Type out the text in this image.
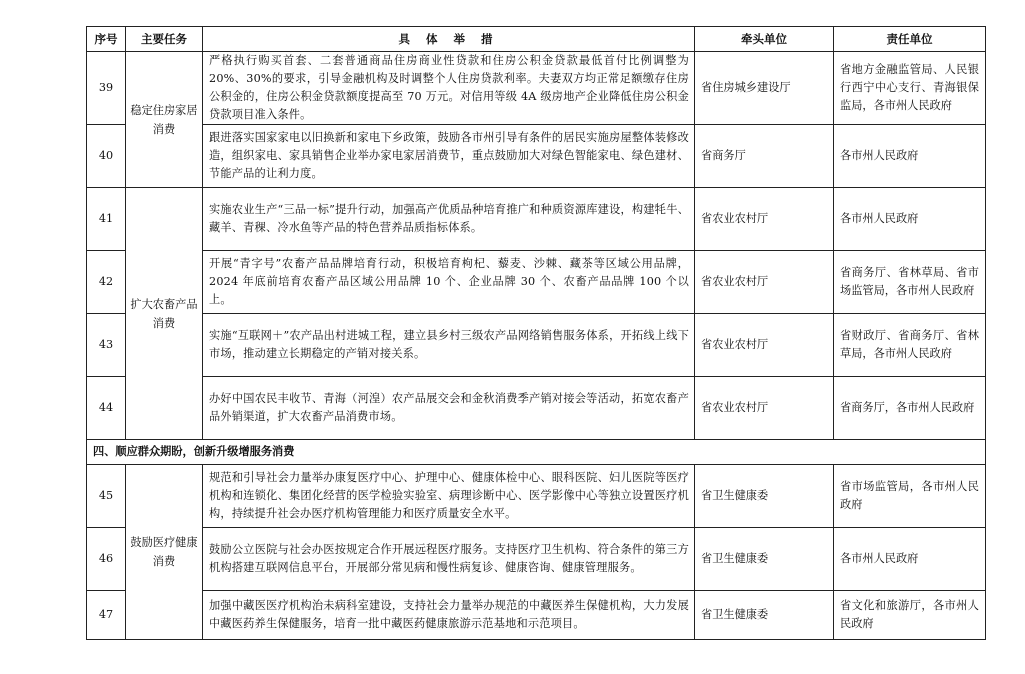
序号	主要任务	具 体 举 措	牵头单位	责任单位
39	稳定住房家居消费	严格执行购买首套、二套普通商品住房商业性贷款和住房公积金贷款最低首付比例调整为 20%、30%的要求，引导金融机构及时调整个人住房贷款利率。夫妻双方均正常足额缴存住房公积金的，住房公积金贷款额度提高至 70 万元。对信用等级 4A 级房地产企业降低住房公积金贷款项目准入条件。	省住房城乡建设厅	省地方金融监管局、人民银行西宁中心支行、青海银保监局，各市州人民政府
40		跟进落实国家家电以旧换新和家电下乡政策，鼓励各市州引导有条件的居民实施房屋整体装修改造，组织家电、家具销售企业举办家电家居消费节，重点鼓励加大对绿色智能家电、绿色建材、节能产品的让利力度。	省商务厅	各市州人民政府
41	扩大农畜产品消费	实施农业生产“三品一标”提升行动，加强高产优质品种培育推广和种质资源库建设，构建牦牛、藏羊、青稞、冷水鱼等产品的特色营养品质指标体系。	省农业农村厅	各市州人民政府
42		开展“青字号”农畜产品品牌培育行动，积极培育枸杞、藜麦、沙棘、藏茶等区域公用品牌，2024 年底前培育农畜产品区域公用品牌 10 个、企业品牌 30 个、农畜产品品牌 100 个以上。	省农业农村厅	省商务厅、省林草局、省市场监管局，各市州人民政府
43		实施“互联网＋”农产品出村进城工程，建立县乡村三级农产品网络销售服务体系，开拓线上线下市场，推动建立长期稳定的产销对接关系。	省农业农村厅	省财政厅、省商务厅、省林草局，各市州人民政府
44		办好中国农民丰收节、青海（河湟）农产品展交会和金秋消费季产销对接会等活动，拓宽农畜产品外销渠道，扩大农畜产品消费市场。	省农业农村厅	省商务厅，各市州人民政府
四、顺应群众期盼，创新升级增服务消费				
45	鼓励医疗健康消费	规范和引导社会力量举办康复医疗中心、护理中心、健康体检中心、眼科医院、妇儿医院等医疗机构和连锁化、集团化经营的医学检验实验室、病理诊断中心、医学影像中心等独立设置医疗机构，持续提升社会办医疗机构管理能力和医疗质量安全水平。	省卫生健康委	省市场监管局，各市州人民政府
46		鼓励公立医院与社会办医按规定合作开展远程医疗服务。支持医疗卫生机构、符合条件的第三方机构搭建互联网信息平台，开展部分常见病和慢性病复诊、健康咨询、健康管理服务。	省卫生健康委	各市州人民政府
47		加强中藏医医疗机构治未病科室建设，支持社会力量举办规范的中藏医养生保健机构，大力发展中藏医药养生保健服务，培育一批中藏医药健康旅游示范基地和示范项目。	省卫生健康委	省文化和旅游厅，各市州人民政府
